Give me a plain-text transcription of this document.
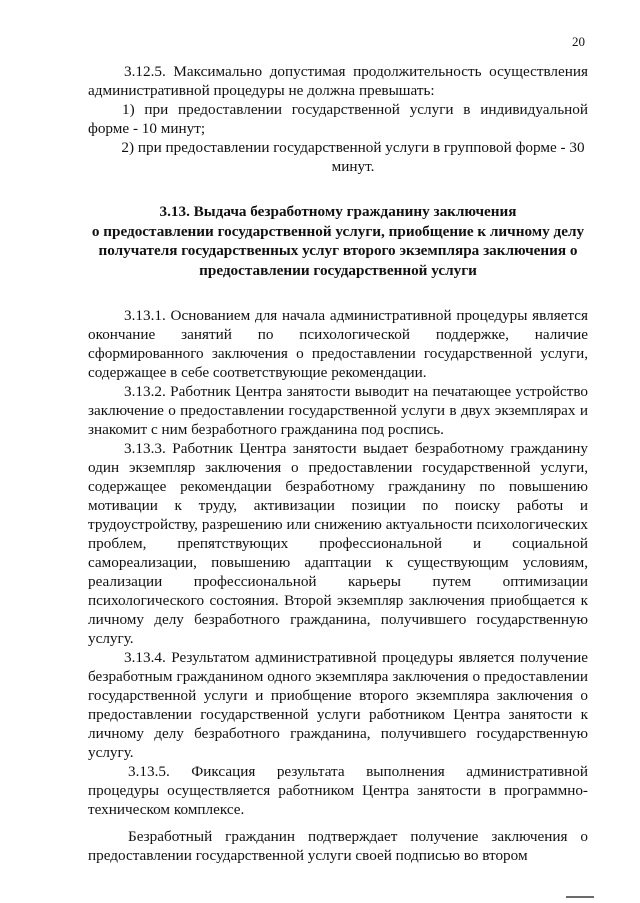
20

3.12.5. Максимально допустимая продолжительность осуществления административной процедуры не должна превышать:

1) при предоставлении государственной услуги в индивидуальной форме - 10 минут;

2) при предоставлении государственной услуги в групповой форме - 30 минут.

3.13. Выдача безработному гражданину заключения
о предоставлении государственной услуги, приобщение к личному делу
получателя государственных услуг второго экземпляра заключения о
предоставлении государственной услуги

3.13.1. Основанием для начала административной процедуры является окончание занятий по психологической поддержке, наличие сформированного заключения о предоставлении государственной услуги, содержащее в себе соответствующие рекомендации.

3.13.2. Работник Центра занятости выводит на печатающее устройство заключение о предоставлении государственной услуги в двух экземплярах и знакомит с ним безработного гражданина под роспись.

3.13.3. Работник Центра занятости выдает безработному гражданину один экземпляр заключения о предоставлении государственной услуги, содержащее рекомендации безработному гражданину по повышению мотивации к труду, активизации позиции по поиску работы и трудоустройству, разрешению или снижению актуальности психологических проблем, препятствующих профессиональной и социальной самореализации, повышению адаптации к существующим условиям, реализации профессиональной карьеры путем оптимизации психологического состояния. Второй экземпляр заключения приобщается к личному делу безработного гражданина, получившего государственную услугу.

3.13.4. Результатом административной процедуры является получение безработным гражданином одного экземпляра заключения о предоставлении государственной услуги и приобщение второго экземпляра заключения о предоставлении государственной услуги работником Центра занятости к личному делу безработного гражданина, получившего государственную услугу.

3.13.5. Фиксация результата выполнения административной процедуры осуществляется работником Центра занятости в программно-техническом комплексе.

Безработный гражданин подтверждает получение заключения о предоставлении государственной услуги своей подписью во втором
